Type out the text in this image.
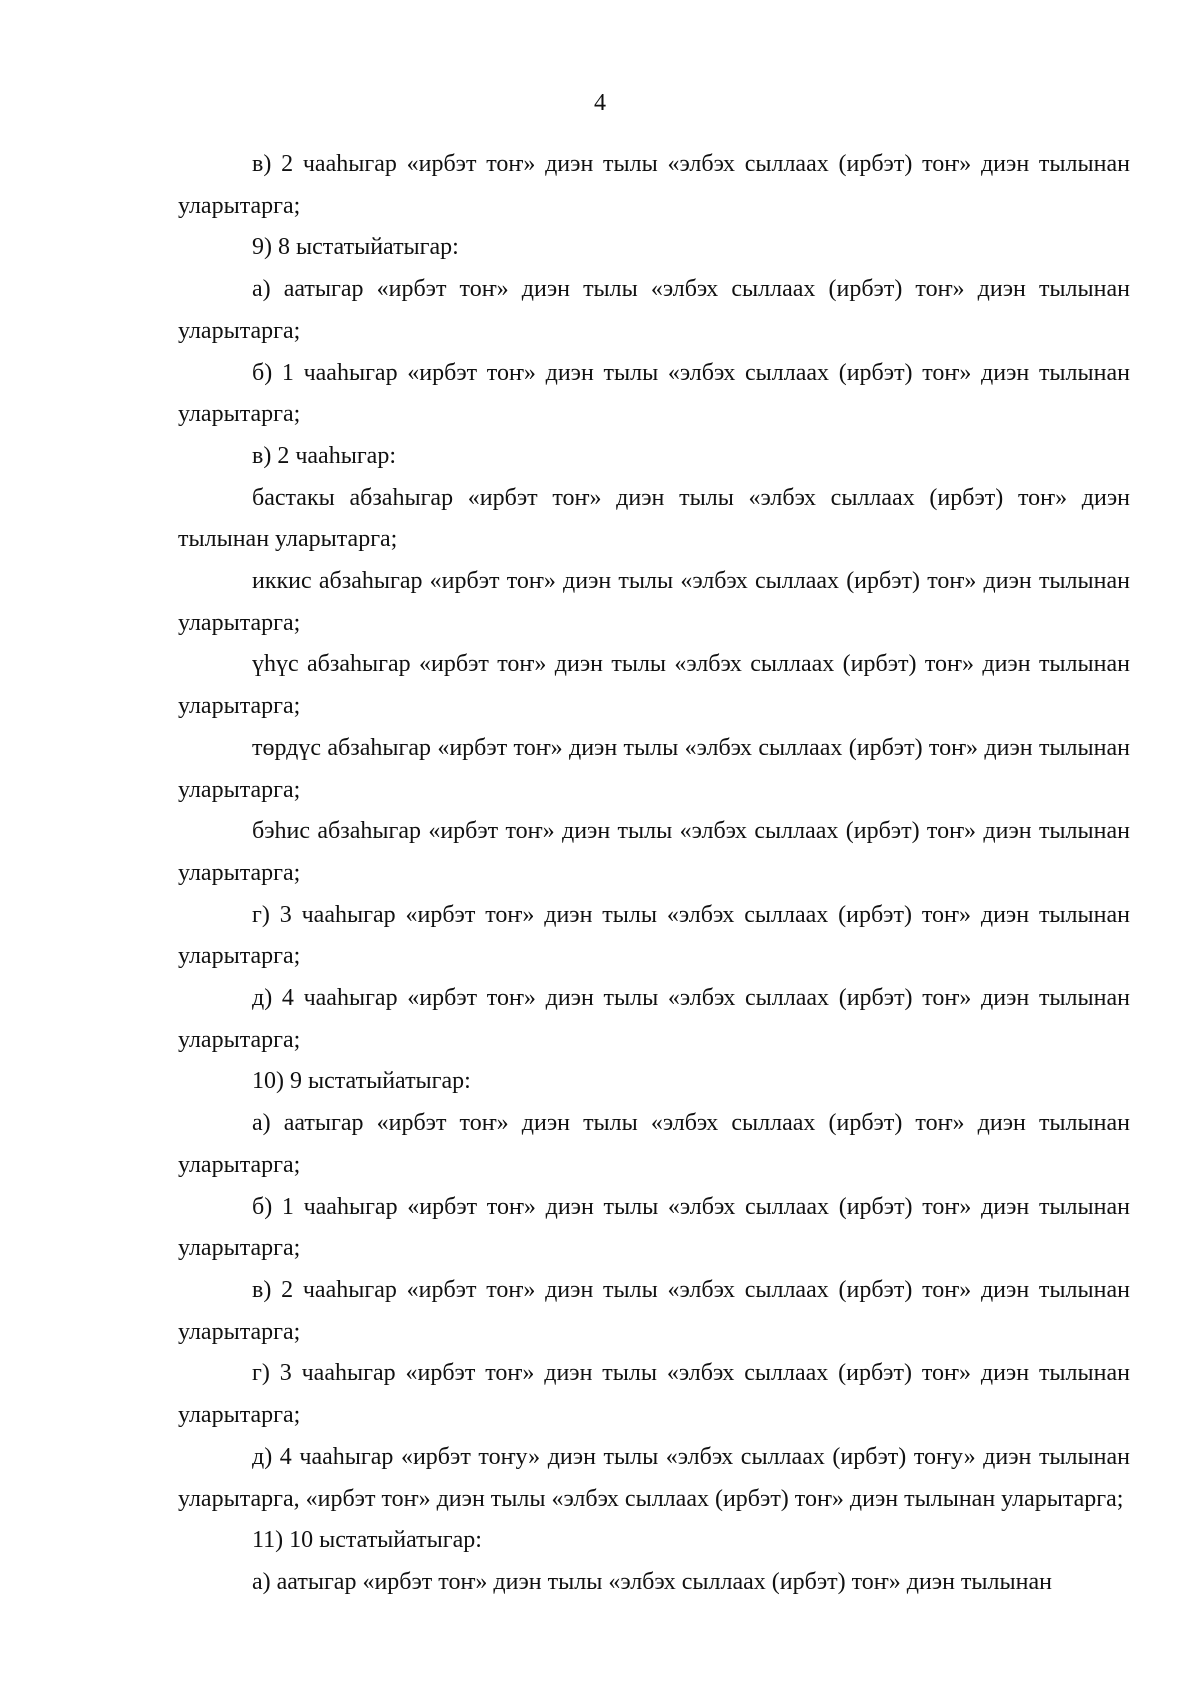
4

в) 2 чааһыгар «ирбэт тоҥ» диэн тылы «элбэх сыллаах (ирбэт) тоҥ» диэн тылынан уларытарга;

9) 8 ыстатыйатыгар:

а) аатыгар «ирбэт тоҥ» диэн тылы «элбэх сыллаах (ирбэт) тоҥ» диэн тылынан уларытарга;

б) 1 чааһыгар «ирбэт тоҥ» диэн тылы «элбэх сыллаах (ирбэт) тоҥ» диэн тылынан уларытарга;

в) 2 чааһыгар:

бастакы абзаһыгар «ирбэт тоҥ» диэн тылы «элбэх сыллаах (ирбэт) тоҥ» диэн тылынан уларытарга;

иккис абзаһыгар «ирбэт тоҥ» диэн тылы «элбэх сыллаах (ирбэт) тоҥ» диэн тылынан уларытарга;

үһүс абзаһыгар «ирбэт тоҥ» диэн тылы «элбэх сыллаах (ирбэт) тоҥ» диэн тылынан уларытарга;

төрдүс абзаһыгар «ирбэт тоҥ» диэн тылы «элбэх сыллаах (ирбэт) тоҥ» диэн тылынан уларытарга;

бэһис абзаһыгар «ирбэт тоҥ» диэн тылы «элбэх сыллаах (ирбэт) тоҥ» диэн тылынан уларытарга;

г) 3 чааһыгар «ирбэт тоҥ» диэн тылы «элбэх сыллаах (ирбэт) тоҥ» диэн тылынан уларытарга;

д) 4 чааһыгар «ирбэт тоҥ» диэн тылы «элбэх сыллаах (ирбэт) тоҥ» диэн тылынан уларытарга;

10) 9 ыстатыйатыгар:

а) аатыгар «ирбэт тоҥ» диэн тылы «элбэх сыллаах (ирбэт) тоҥ» диэн тылынан уларытарга;

б) 1 чааһыгар «ирбэт тоҥ» диэн тылы «элбэх сыллаах (ирбэт) тоҥ» диэн тылынан уларытарга;

в) 2 чааһыгар «ирбэт тоҥ» диэн тылы «элбэх сыллаах (ирбэт) тоҥ» диэн тылынан уларытарга;

г) 3 чааһыгар «ирбэт тоҥ» диэн тылы «элбэх сыллаах (ирбэт) тоҥ» диэн тылынан уларытарга;

д) 4 чааһыгар «ирбэт тоҥу» диэн тылы «элбэх сыллаах (ирбэт) тоҥу» диэн тылынан уларытарга, «ирбэт тоҥ» диэн тылы «элбэх сыллаах (ирбэт) тоҥ» диэн тылынан уларытарга;

11) 10 ыстатыйатыгар:

а) аатыгар «ирбэт тоҥ» диэн тылы «элбэх сыллаах (ирбэт) тоҥ» диэн тылынан
